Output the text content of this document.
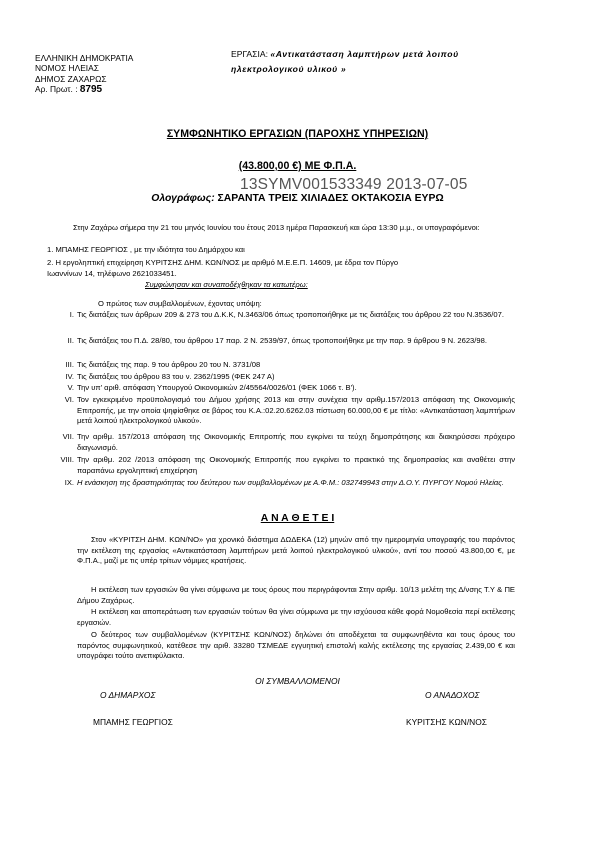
ΕΛΛΗΝΙΚΗ ΔΗΜΟΚΡΑΤΙΑ
ΝΟΜΟΣ ΗΛΕΙΑΣ
ΔΗΜΟΣ ΖΑΧΑΡΩΣ
Αρ. Πρωτ. : 8795
ΕΡΓΑΣΙΑ: «Αντικατάσταση λαμπτήρων μετά λοιπού
ηλεκτρολογικού υλικού »
ΣΥΜΦΩΝΗΤΙΚΟ ΕΡΓΑΣΙΩΝ (ΠΑΡΟΧΗΣ ΥΠΗΡΕΣΙΩΝ)
(43.800,00 €) ΜΕ Φ.Π.Α.
13SYMV001533349 2013-07-05
Ολογράφως: ΣΑΡΑΝΤΑ ΤΡΕΙΣ ΧΙΛΙΑΔΕΣ ΟΚΤΑΚΟΣΙΑ ΕΥΡΩ
Στην Ζαχάρω σήμερα την 21 του μηνός Ιουνίου του έτους 2013 ημέρα Παρασκευή και ώρα 13:30 μ.μ., οι υπογραφόμενοι:
1. ΜΠΑΜΗΣ ΓΕΩΡΓΙΟΣ , με την ιδιότητα του Δημάρχου και
2. Η εργοληπτική επιχείρηση ΚΥΡΙΤΣΗΣ ΔΗΜ. ΚΩΝ/ΝΟΣ με αριθμό Μ.Ε.Ε.Π. 14609, με έδρα τον Πύργο
Ιωαννίνων 14, τηλέφωνο 2621033451.
Συμφώνησαν και συναποδέχθηκαν τα κατωτέρω:
Ο πρώτος των συμβαλλομένων, έχοντας υπόψη:
I. Τις διατάξεις των άρθρων 209 & 273 του Δ.Κ.Κ, Ν.3463/06 όπως τροποποιήθηκε με τις διατάξεις του άρθρου 22 του Ν.3536/07.
II. Τις διατάξεις του Π.Δ. 28/80, του άρθρου 17 παρ. 2 Ν. 2539/97, όπως τροποποιήθηκε με την παρ. 9 άρθρου 9 Ν. 2623/98.
III. Τις διατάξεις της παρ. 9 του άρθρου 20 του Ν. 3731/08
IV. Τις διατάξεις του άρθρου 83 του ν. 2362/1995 (ΦΕΚ 247 Α)
V. Την υπ' αριθ. απόφαση Υπουργού Οικονομικών 2/45564/0026/01 (ΦΕΚ 1066 τ. Β').
VI. Τον εγκεκριμένο προϋπολογισμό του Δήμου χρήσης 2013 και στην συνέχεια την αριθμ.157/2013 απόφαση της Οικονομικής Επιτροπής, με την οποία ψηφίσθηκε σε βάρος του Κ.Α.:02.20.6262.03 πίστωση 60.000,00 € με τίτλο: «Αντικατάσταση λαμπτήρων μετά λοιπού ηλεκτρολογικού υλικού».
VII. Την αριθμ. 157/2013 απόφαση της Οικονομικής Επιτροπής που εγκρίνει τα τεύχη δημοπράτησης και διακηρύσσει πρόχειρο διαγωνισμό.
VIII. Την αριθμ. 202 /2013 απόφαση της Οικονομικής Επιτροπής που εγκρίνει το πρακτικό της δημοπρασίας και αναθέτει στην παραπάνω εργοληπτική επιχείρηση
IX. Η ενάσκηση της δραστηριότητας του δεύτερου των συμβαλλομένων με Α.Φ.Μ.: 032749943 στην Δ.Ο.Υ. ΠΥΡΓΟΥ Νομού Ηλείας.
Α Ν Α Θ Ε Τ Ε Ι
Στον «ΚΥΡΙΤΣΗ ΔΗΜ. ΚΩΝ/ΝΟ» για χρονικό διάστημα ΔΩΔΕΚΑ (12) μηνών από την ημερομηνία υπογραφής του παρόντος την εκτέλεση της εργασίας «Αντικατάσταση λαμπτήρων μετά λοιπού ηλεκτρολογικού υλικού», αντί του ποσού 43.800,00 €, με Φ.Π.Α., μαζί με τις υπέρ τρίτων νόμιμες κρατήσεις.
Η εκτέλεση των εργασιών θα γίνει σύμφωνα με τους όρους που περιγράφονται Στην αριθμ. 10/13 μελέτη της Δ/νσης Τ.Υ & ΠΕ Δήμου Ζαχάρως.
Η εκτέλεση και αποπεράτωση των εργασιών τούτων θα γίνει σύμφωνα με την ισχύουσα κάθε φορά Νομοθεσία περί εκτέλεσης εργασιών.
Ο δεύτερος των συμβαλλομένων (ΚΥΡΙΤΣΗΣ ΚΩΝ/ΝΟΣ) δηλώνει ότι αποδέχεται τα συμφωνηθέντα και τους όρους του παρόντος συμφωνητικού, κατέθεσε την αριθ. 33280 ΤΣΜΕΔΕ εγγυητική επιστολή καλής εκτέλεσης της εργασίας 2.439,00 € και υπογράφει τούτο ανεπιφύλακτα.
ΟΙ ΣΥΜΒΑΛΛΟΜΕΝΟΙ
Ο ΔΗΜΑΡΧΟΣ	Ο ΑΝΑΔΟΧΟΣ
ΜΠΑΜΗΣ ΓΕΩΡΓΙΟΣ	ΚΥΡΙΤΣΗΣ ΚΩΝ/ΝΟΣ
